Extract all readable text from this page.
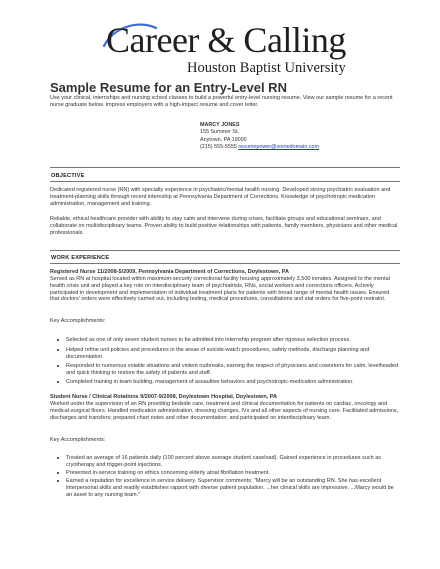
Career & Calling
Houston Baptist University
Sample Resume for an Entry-Level RN

Use your clinical, internships and nursing school classes to build a powerful entry-level nursing resume. View our sample resume for a recent nurse graduate below. Impress employers with a high-impact resume and cover letter.

MARCY JONES
155 Summer St.
Anytown, PA 19000
(215) 555-5555 resumepower@somedomain.com
OBJECTIVE

Dedicated registered nurse (RN) with specialty experience in psychiatric/mental health nursing. Developed strong psychiatric evaluation and treatment-planning skills through recent internship at Pennsylvania Department of Corrections. Knowledge of psychotropic medication administration, management and training.

Reliable, ethical healthcare provider with ability to stay calm and intervene during crises, facilitate groups and educational seminars, and collaborate on multidisciplinary teams. Proven ability to build positive relationships with patients, family members, physicians and other medical professionals.

WORK EXPERIENCE

Registered Nurse 11/2008-5/2009, Pennsylvania Department of Corrections, Doylestown, PA

Served as RN at hospital located within maximum-security correctional facility housing approximately 3,500 inmates. Assigned to the mental health crisis unit and played a key role on interdisciplinary team of psychiatrists, RNs, social workers and corrections officers. Actively participated in development and implementation of individual treatment plans for patients with broad range of mental health issues. Ensured that doctors' orders were effectively carried out, including testing, medical procedures, consultations and stat orders for five-point restraint.

Key Accomplishments:

Selected as one of only seven student nurses to be admitted into internship program after rigorous selection process.
Helped refine unit policies and procedures in the areas of suicide-watch procedures, safety methods, discharge planning and documentation.
Responded to numerous volatile situations and violent outbreaks, earning the respect of physicians and coworkers for calm, levelheaded and quick thinking to restore the safety of patients and staff.
Completed training in team building, management of assaultive behaviors and psychotropic-medication administration.

Student Nurse / Clinical Rotations 9/2007-9/2008, Doylestown Hospital, Doylestown, PA

Worked under the supervision of an RN providing bedside care, treatment and clinical documentation for patients on cardiac, oncology and medical-surgical floors. Handled medication administration, dressing changes, IVs and all other aspects of nursing care. Facilitated admissions, discharges and transfers; prepared chart notes and other documentation; and participated on interdisciplinary team.

Key Accomplishments:

Treated an average of 16 patients daily (100 percent above average student caseload). Gained experience in procedures such as cryotherapy and trigger-point injections.
Presented in-service training on ethics concerning elderly atrial fibrillation treatment.
Earned a reputation for excellence in service delivery. Supervisor comments: "Marcy will be an outstanding RN. She has excellent interpersonal skills and readily establishes rapport with diverse patient population. ...her clinical skills are impressive. ...Marcy would be an asset to any nursing team."
